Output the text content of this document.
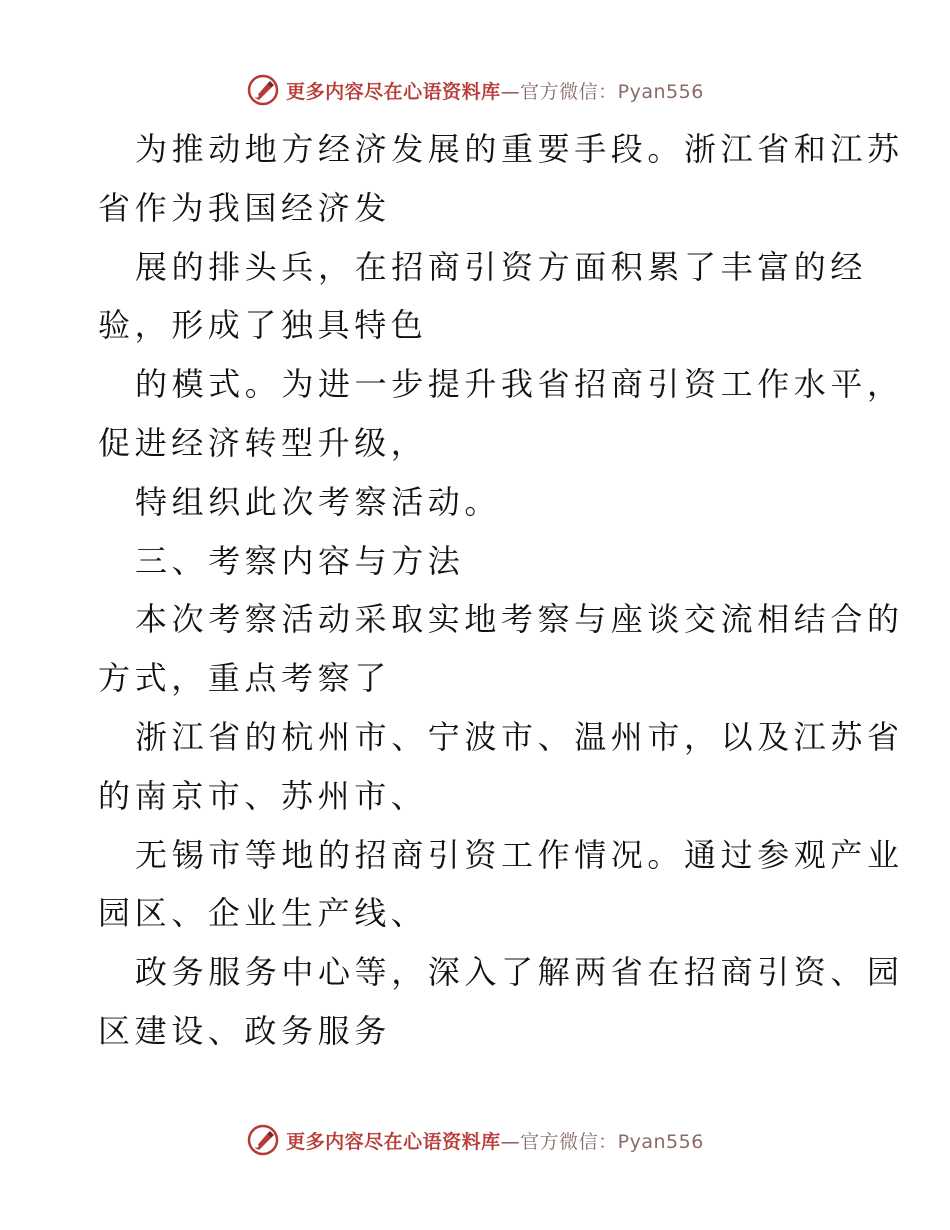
更多内容尽在心语资料库—官方微信：Pyan556
为推动地方经济发展的重要手段。浙江省和江苏
省作为我国经济发
展的排头兵，在招商引资方面积累了丰富的经
验，形成了独具特色
的模式。为进一步提升我省招商引资工作水平，
促进经济转型升级，
特组织此次考察活动。
三、考察内容与方法
本次考察活动采取实地考察与座谈交流相结合的
方式，重点考察了
浙江省的杭州市、宁波市、温州市，以及江苏省
的南京市、苏州市、
无锡市等地的招商引资工作情况。通过参观产业
园区、企业生产线、
政务服务中心等，深入了解两省在招商引资、园
区建设、政务服务
更多内容尽在心语资料库—官方微信：Pyan556
